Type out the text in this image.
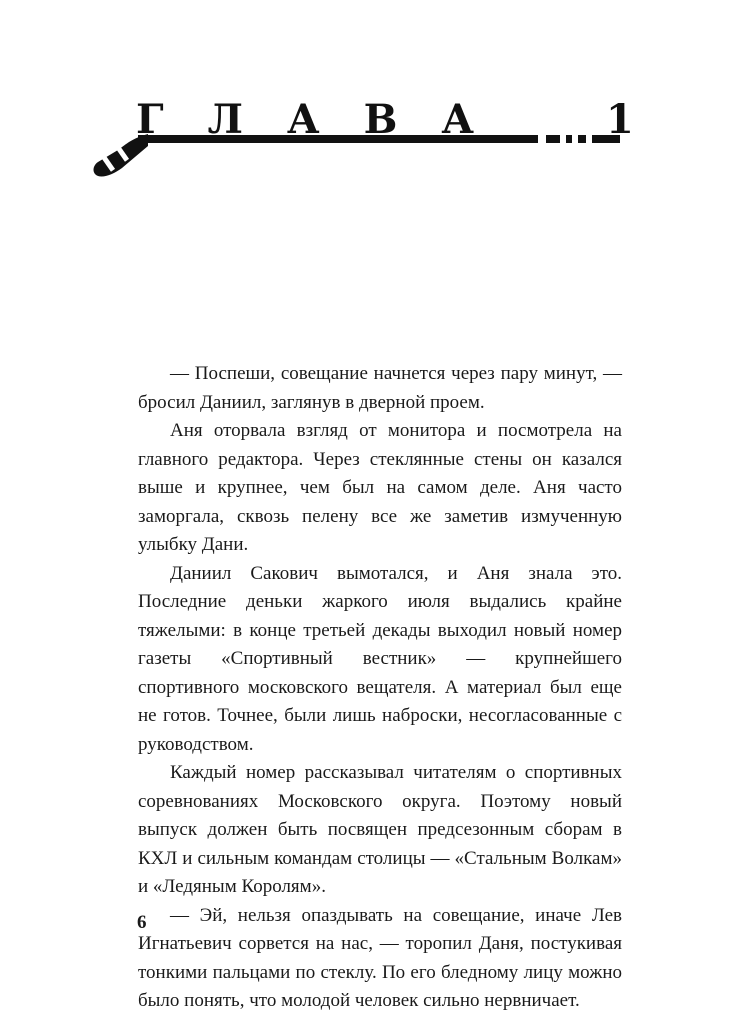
ГЛАВА 1

— Поспеши, совещание начнется через пару минут, — бросил Даниил, заглянув в дверной проем.

Аня оторвала взгляд от монитора и посмотрела на главного редактора. Через стеклянные стены он казался выше и крупнее, чем был на самом деле. Аня часто заморгала, сквозь пелену все же заметив измученную улыбку Дани.

Даниил Сакович вымотался, и Аня знала это. Последние деньки жаркого июля выдались крайне тяжелыми: в конце третьей декады выходил новый номер газеты «Спортивный вестник» — крупнейшего спортивного московского вещателя. А материал был еще не готов. Точнее, были лишь наброски, несогласованные с руководством.

Каждый номер рассказывал читателям о спортивных соревнованиях Московского округа. Поэтому новый выпуск должен быть посвящен предсезонным сборам в КХЛ и сильным командам столицы — «Стальным Волкам» и «Ледяным Королям».

— Эй, нельзя опаздывать на совещание, иначе Лев Игнатьевич сорвется на нас, — торопил Даня, постукивая тонкими пальцами по стеклу. По его бледному лицу можно было понять, что молодой человек сильно нервничает.

6
